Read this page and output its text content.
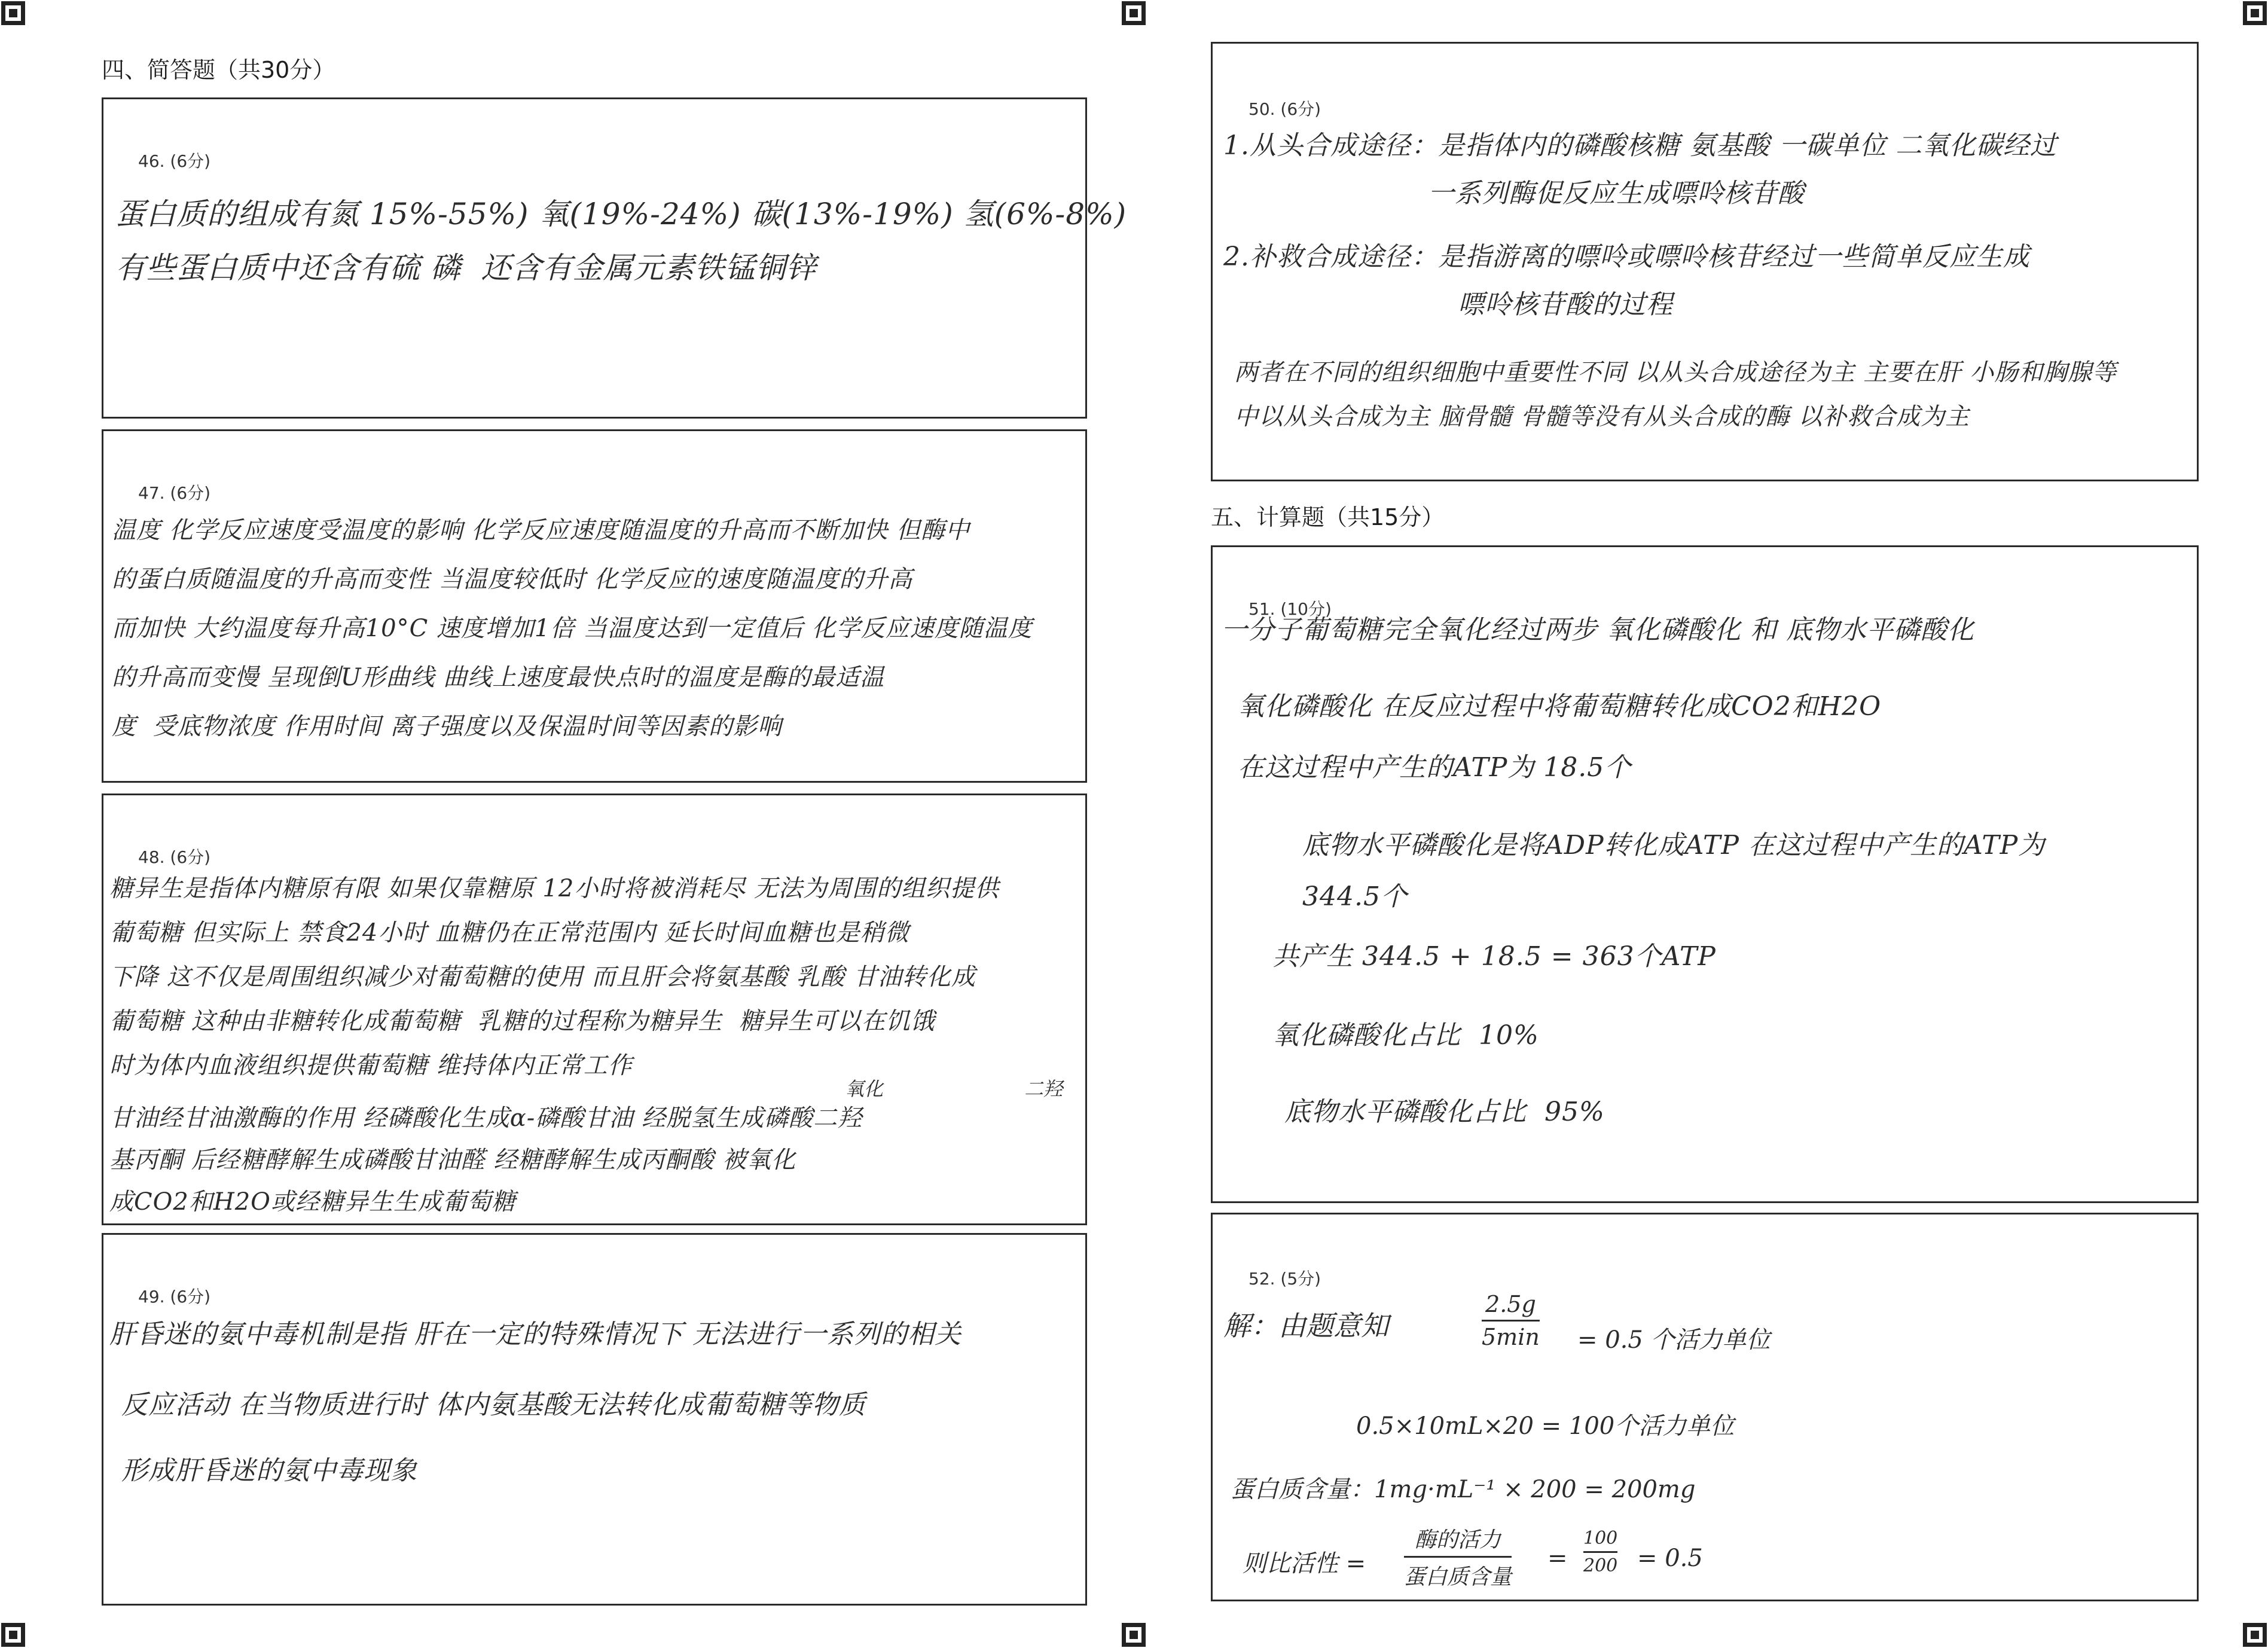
四、简答题（共30分）
46. (6分)
蛋白质的组成有氮 15%-55%) 氧(19%-24%) 碳(13%-19%) 氢(6%-8%)
有些蛋白质中还含有硫 磷  还含有金属元素铁锰铜锌
47. (6分)
温度 化学反应速度受温度的影响 化学反应速度随温度的升高而不断加快 但酶中
的蛋白质随温度的升高而变性 当温度较低时 化学反应的速度随温度的升高
而加快 大约温度每升高10°C 速度增加1倍 当温度达到一定值后 化学反应速度随温度
的升高而变慢 呈现倒U形曲线 曲线上速度最快点时的温度是酶的最适温
度  受底物浓度 作用时间 离子强度以及保温时间等因素的影响
48. (6分)
糖异生是指体内糖原有限 如果仅靠糖原 12小时将被消耗尽 无法为周围的组织提供
葡萄糖 但实际上 禁食24小时 血糖仍在正常范围内 延长时间血糖也是稍微
下降 这不仅是周围组织减少对葡萄糖的使用 而且肝会将氨基酸 乳酸 甘油转化成
葡萄糖 这种由非糖转化成葡萄糖  乳糖的过程称为糖异生  糖异生可以在饥饿
时为体内血液组织提供葡萄糖 维持体内正常工作
氧化	二羟
甘油经甘油激酶的作用 经磷酸化生成α-磷酸甘油 经脱氢生成磷酸二羟
基丙酮 后经糖酵解生成磷酸甘油醛 经糖酵解生成丙酮酸 被氧化
成CO2和H2O或经糖异生生成葡萄糖
49. (6分)
肝昏迷的氨中毒机制是指 肝在一定的特殊情况下 无法进行一系列的相关
反应活动 在当物质进行时 体内氨基酸无法转化成葡萄糖等物质
形成肝昏迷的氨中毒现象
50. (6分)
1.从头合成途径：是指体内的磷酸核糖 氨基酸 一碳单位 二氧化碳经过
一系列酶促反应生成嘌呤核苷酸
2.补救合成途径：是指游离的嘌呤或嘌呤核苷经过一些简单反应生成
嘌呤核苷酸的过程
两者在不同的组织细胞中重要性不同 以从头合成途径为主 主要在肝 小肠和胸腺等
中以从头合成为主 脑骨髓 骨髓等没有从头合成的酶 以补救合成为主
五、计算题（共15分）
51. (10分)
一分子葡萄糖完全氧化经过两步 氧化磷酸化 和 底物水平磷酸化
氧化磷酸化 在反应过程中将葡萄糖转化成CO2和H2O
在这过程中产生的ATP为 18.5个
底物水平磷酸化是将ADP转化成ATP 在这过程中产生的ATP为
344.5个
共产生 344.5 + 18.5 = 363个ATP
氧化磷酸化占比  10%
底物水平磷酸化占比  95%
52. (5分)
解：由题意知
2.5g
5min = 0.5 个活力单位
0.5×10mL×20 = 100个活力单位
蛋白质含量：1mg·mL⁻¹ × 200 = 200mg
则比活性 =
酶的活力
蛋白质含量
=
100
200 = 0.5
